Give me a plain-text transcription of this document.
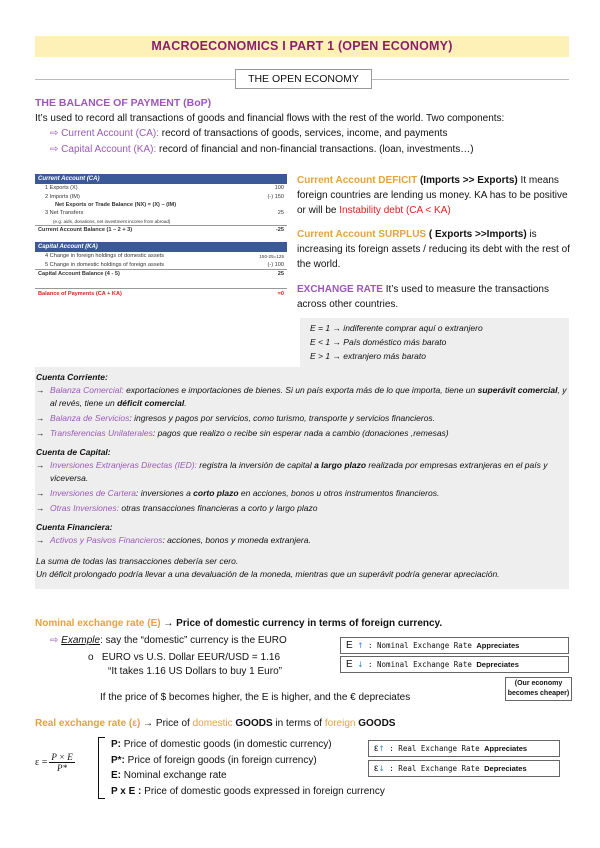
MACROECONOMICS I PART 1 (OPEN ECONOMY)
THE OPEN ECONOMY
THE BALANCE OF PAYMENT (BoP)
It’s used to record all transactions of goods and financial flows with the rest of the world. Two components:
⇨ Current Account (CA): record of transactions of goods, services, income, and payments
⇨ Capital Account (KA): record of financial and non-financial transactions. (loan, investments…)
Current Account (CA)	
1 Exports (X)	100
2 Imports (IM)	(-) 150
Net Exports or Trade Balance (NX) = (X) – (IM)	
3 Net Transfers	25
(e.g. aids, donations, net investment income from abroad)	
Current Account Balance (1 – 2 + 3)	-25

Capital Account (KA)	
4 Change in foreign holdings of domestic assets	150-25=125
5 Change in domestic holdings of foreign assets	(-) 100
Capital Account Balance (4 - 5)	25

Balance of Payments (CA + KA)	=0
Current Account DEFICIT (Imports >> Exports) It means foreign countries are lending us money. KA has to be positive or will be Instability debt (CA < KA)
Current Account SURPLUS ( Exports >>Imports) is increasing its foreign assets / reducing its debt with the rest of the world.
EXCHANGE RATE It’s used to measure the transactions across other countries.
E = 1 → indiferente comprar aquí o extranjero
E < 1 → País doméstico más barato
E > 1 → extranjero más barato
Cuenta Corriente:
→ Balanza Comercial: exportaciones e importaciones de bienes. Si un país exporta más de lo que importa, tiene un superávit comercial, y al revés, tiene un déficit comercial.
→ Balanza de Servicios: ingresos y pagos por servicios, como turismo, transporte y servicios financieros.
→ Transferencias Unilaterales: pagos que realizo o recibe sin esperar nada a cambio (donaciones ,remesas)
Cuenta de Capital:
→ Inversiones Extranjeras Directas (IED): registra la inversión de capital a largo plazo realizada por empresas extranjeras en el país y viceversa.
→ Inversiones de Cartera: inversiones a corto plazo en acciones, bonos u otros instrumentos financieros.
→ Otras Inversiones: otras transacciones financieras a corto y largo plazo
Cuenta Financiera:
→ Activos y Pasivos Financieros: acciones, bonos y moneda extranjera.
La suma de todas las transacciones debería ser cero.
Un déficit prolongado podría llevar a una devaluación de la moneda, mientras que un superávit podría generar apreciación.
Nominal exchange rate (E) → Price of domestic currency in terms of foreign currency.
⇨ Example: say the “domestic” currency is the EURO
o EURO vs U.S. Dollar EEUR/USD = 1.16
“It takes 1.16 US Dollars to buy 1 Euro”
If the price of $ becomes higher, the E is higher, and the € depreciates
E ↑ : Nominal Exchange Rate Appreciates
E ↓ : Nominal Exchange Rate Depreciates
(Our economy becomes cheaper)
Real exchange rate (ε) → Price of domestic GOODS in terms of foreign GOODS
$\varepsilon = \frac{P \times E}{P*}$
P: Price of domestic goods (in domestic currency)
P*: Price of foreign goods (in foreign currency)
E: Nominal exchange rate
P x E : Price of domestic goods expressed in foreign currency
ε↑ : Real Exchange Rate Appreciates
ε↓ : Real Exchange Rate Depreciates
